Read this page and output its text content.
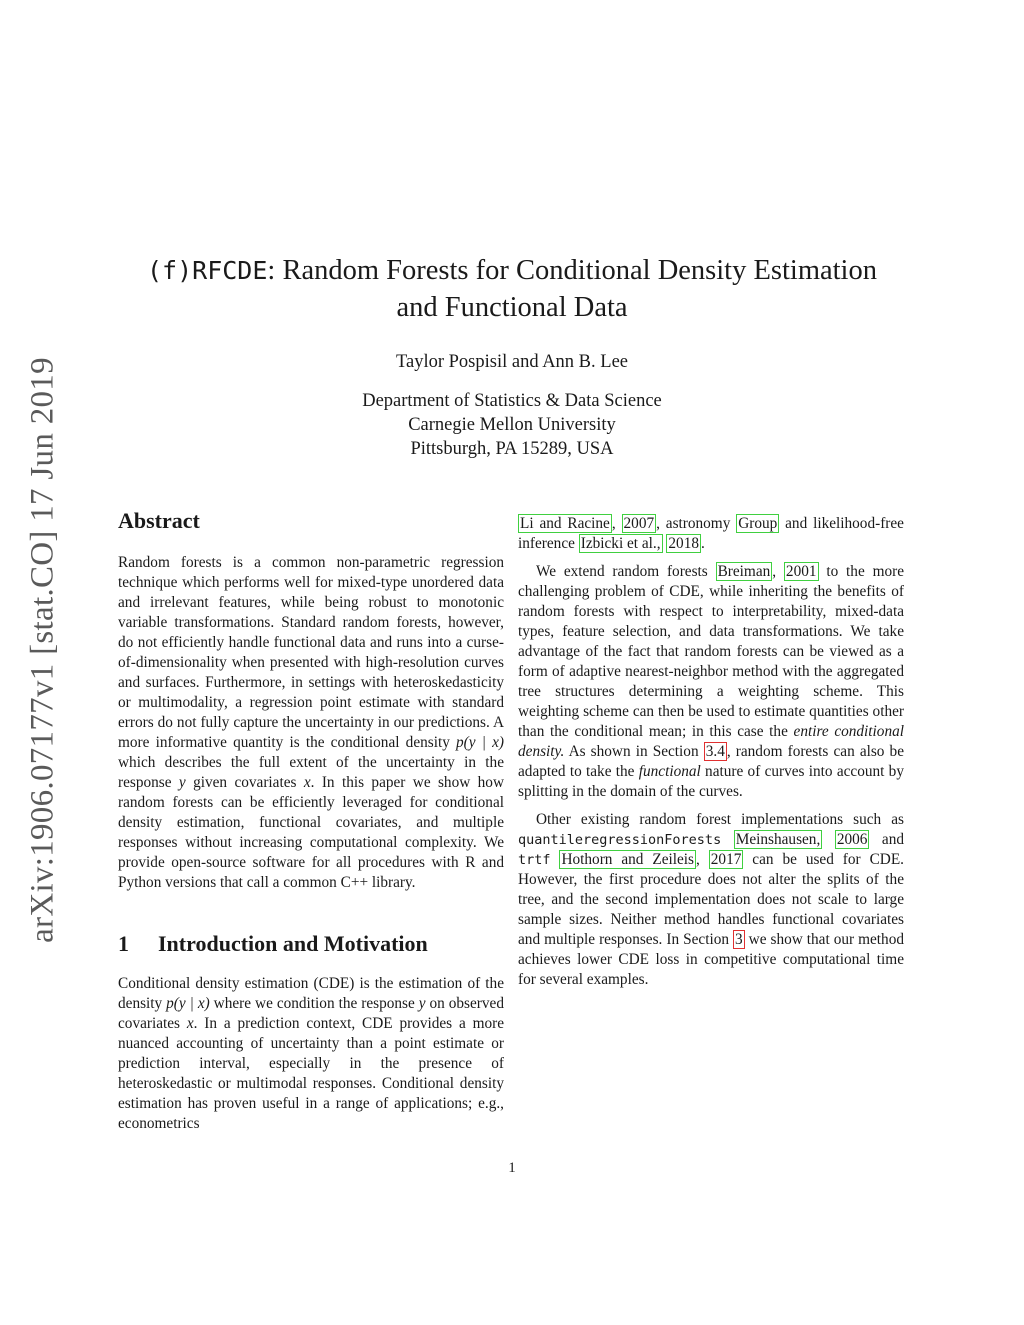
arXiv:1906.07177v1 [stat.CO] 17 Jun 2019
(f)RFCDE: Random Forests for Conditional Density Estimation
and Functional Data
Taylor Pospisil and Ann B. Lee
Department of Statistics & Data Science
Carnegie Mellon University
Pittsburgh, PA 15289, USA
Abstract

Random forests is a common non-parametric regression technique which performs well for mixed-type unordered data and irrelevant features, while being robust to monotonic variable transformations. Standard random forests, however, do not efficiently handle functional data and runs into a curse-of-dimensionality when presented with high-resolution curves and surfaces. Furthermore, in settings with heteroskedasticity or multimodality, a regression point estimate with standard errors do not fully capture the uncertainty in our predictions. A more informative quantity is the conditional density p(y | x) which describes the full extent of the uncertainty in the response y given covariates x. In this paper we show how random forests can be efficiently leveraged for conditional density estimation, functional covariates, and multiple responses without increasing computational complexity. We provide open-source software for all procedures with R and Python versions that call a common C++ library.

1 Introduction and Motivation

Conditional density estimation (CDE) is the estimation of the density p(y | x) where we condition the response y on observed covariates x. In a prediction context, CDE provides a more nuanced accounting of uncertainty than a point estimate or prediction interval, especially in the presence of heteroskedastic or multimodal responses. Conditional density estimation has proven useful in a range of applications; e.g., econometrics

Li and Racine , 2007 , astronomy Group and likelihood-free inference Izbicki et al., 2018 .

We extend random forests Breiman , 2001 to the more challenging problem of CDE, while inheriting the benefits of random forests with respect to interpretability, mixed-data types, feature selection, and data transformations. We take advantage of the fact that random forests can be viewed as a form of adaptive nearest-neighbor method with the aggregated tree structures determining a weighting scheme. This weighting scheme can then be used to estimate quantities other than the conditional mean; in this case the entire conditional density. As shown in Section 3.4 , random forests can also be adapted to take the functional nature of curves into account by splitting in the domain of the curves.

Other existing random forest implementations such as quantileregressionForests Meinshausen, 2006 and trtf Hothorn and Zeileis , 2017 can be used for CDE. However, the first procedure does not alter the splits of the tree, and the second implementation does not scale to large sample sizes. Neither method handles functional covariates and multiple responses. In Section 3 we show that our method achieves lower CDE loss in competitive computational time for several examples.

1
